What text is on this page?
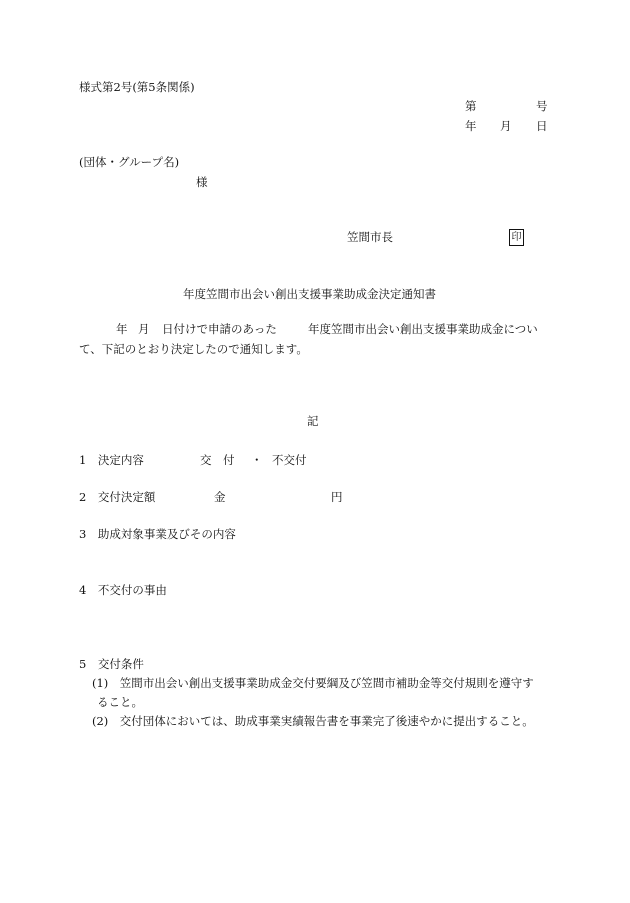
様式第2号(第5条関係)
第	号
年 月 日
(団体・グループ名)
様
笠間市長	印
年度笠間市出会い創出支援事業助成金決定通知書
年 月 日付けで申請のあった	年度笠間市出会い創出支援事業助成金につい
て、下記のとおり決定したので通知します。
記
1　決定内容	交　付 ・ 不交付
2　交付決定額	金	円
3　助成対象事業及びその内容
4　不交付の事由
5　交付条件
(1)　笠間市出会い創出支援事業助成金交付要綱及び笠間市補助金等交付規則を遵守す
ること。
(2)　交付団体においては、助成事業実績報告書を事業完了後速やかに提出すること。
